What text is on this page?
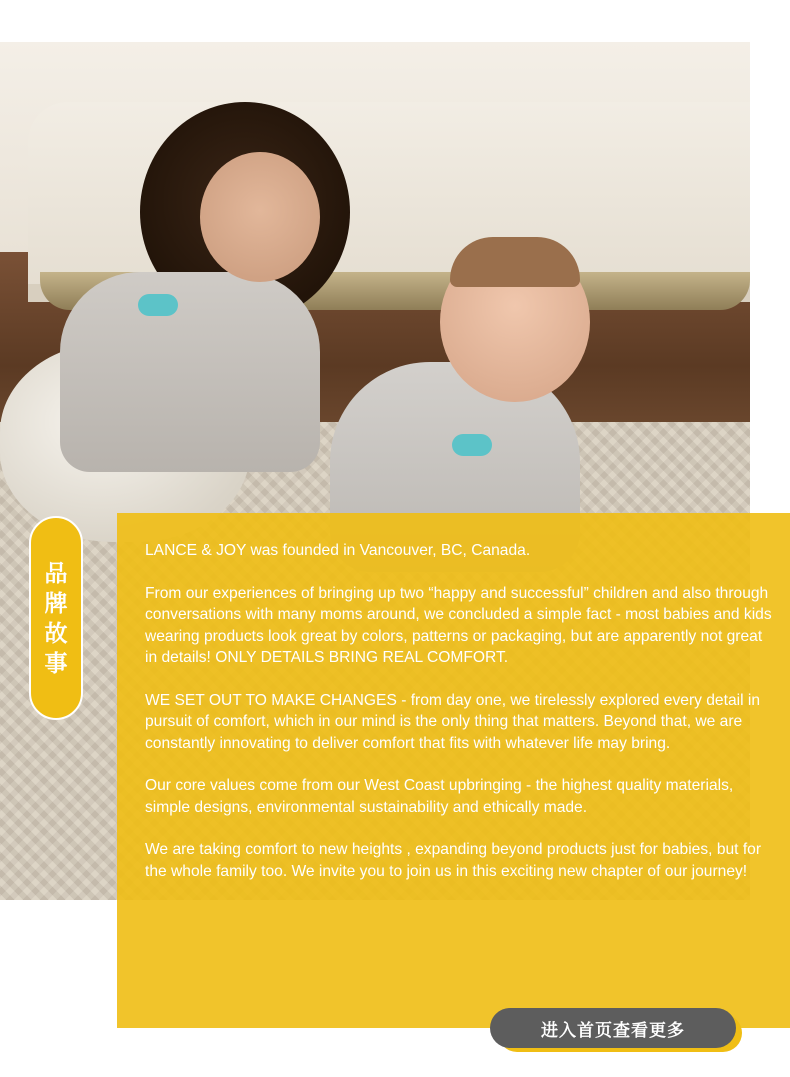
品
牌
故
事

LANCE & JOY was founded in Vancouver, BC, Canada.

From our experiences of bringing up two “happy and successful” children and also through conversations with many moms around, we concluded a simple fact - most babies and kids wearing products look great by colors, patterns or packaging, but are apparently not great in details! ONLY DETAILS BRING REAL COMFORT.

WE SET OUT TO MAKE CHANGES - from day one, we tirelessly explored every detail in pursuit of comfort, which in our mind is the only thing that matters. Beyond that, we are constantly innovating to deliver comfort that fits with whatever life may bring.

Our core values come from our West Coast upbringing - the highest quality materials, simple designs, environmental sustainability and ethically made.

We are taking comfort to new heights , expanding beyond products just for babies, but for the whole family too. We invite you to join us in this exciting new chapter of our journey!

进入首页查看更多
